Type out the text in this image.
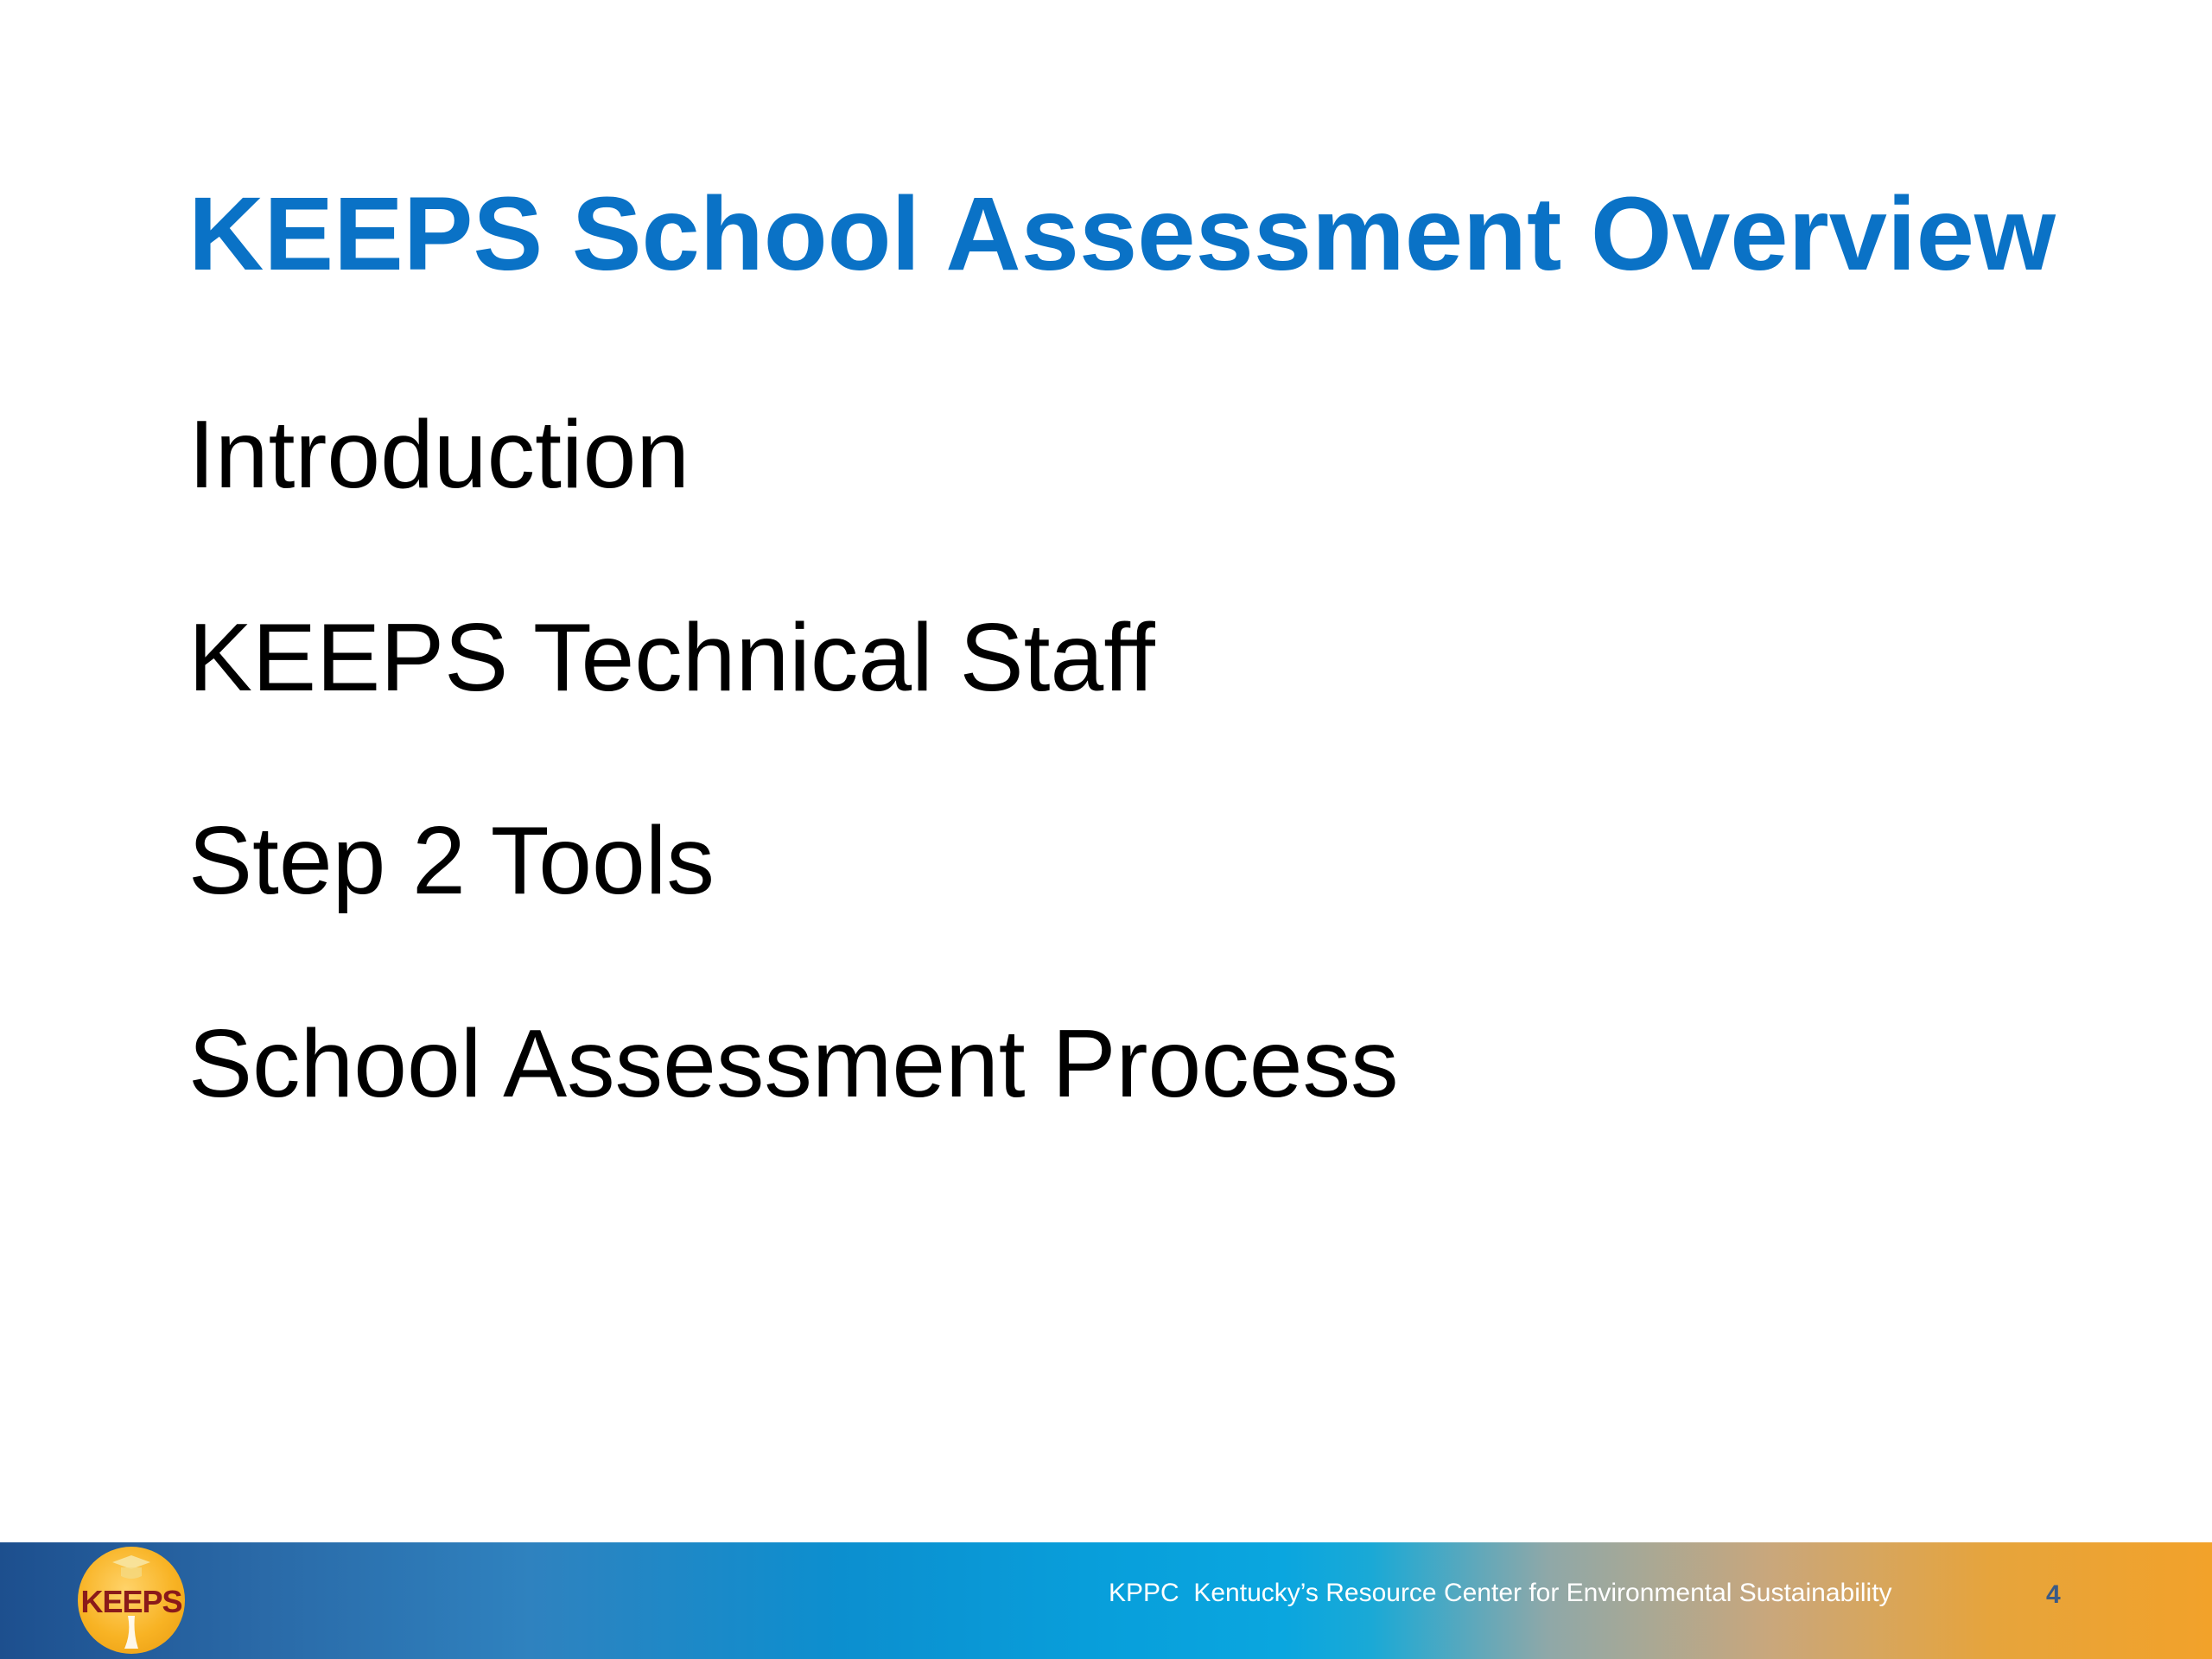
KEEPS School Assessment Overview
Introduction
KEEPS Technical Staff
Step 2 Tools
School Assessment Process
KEEPS	KPPC  Kentucky’s Resource Center for Environmental Sustainability	4
